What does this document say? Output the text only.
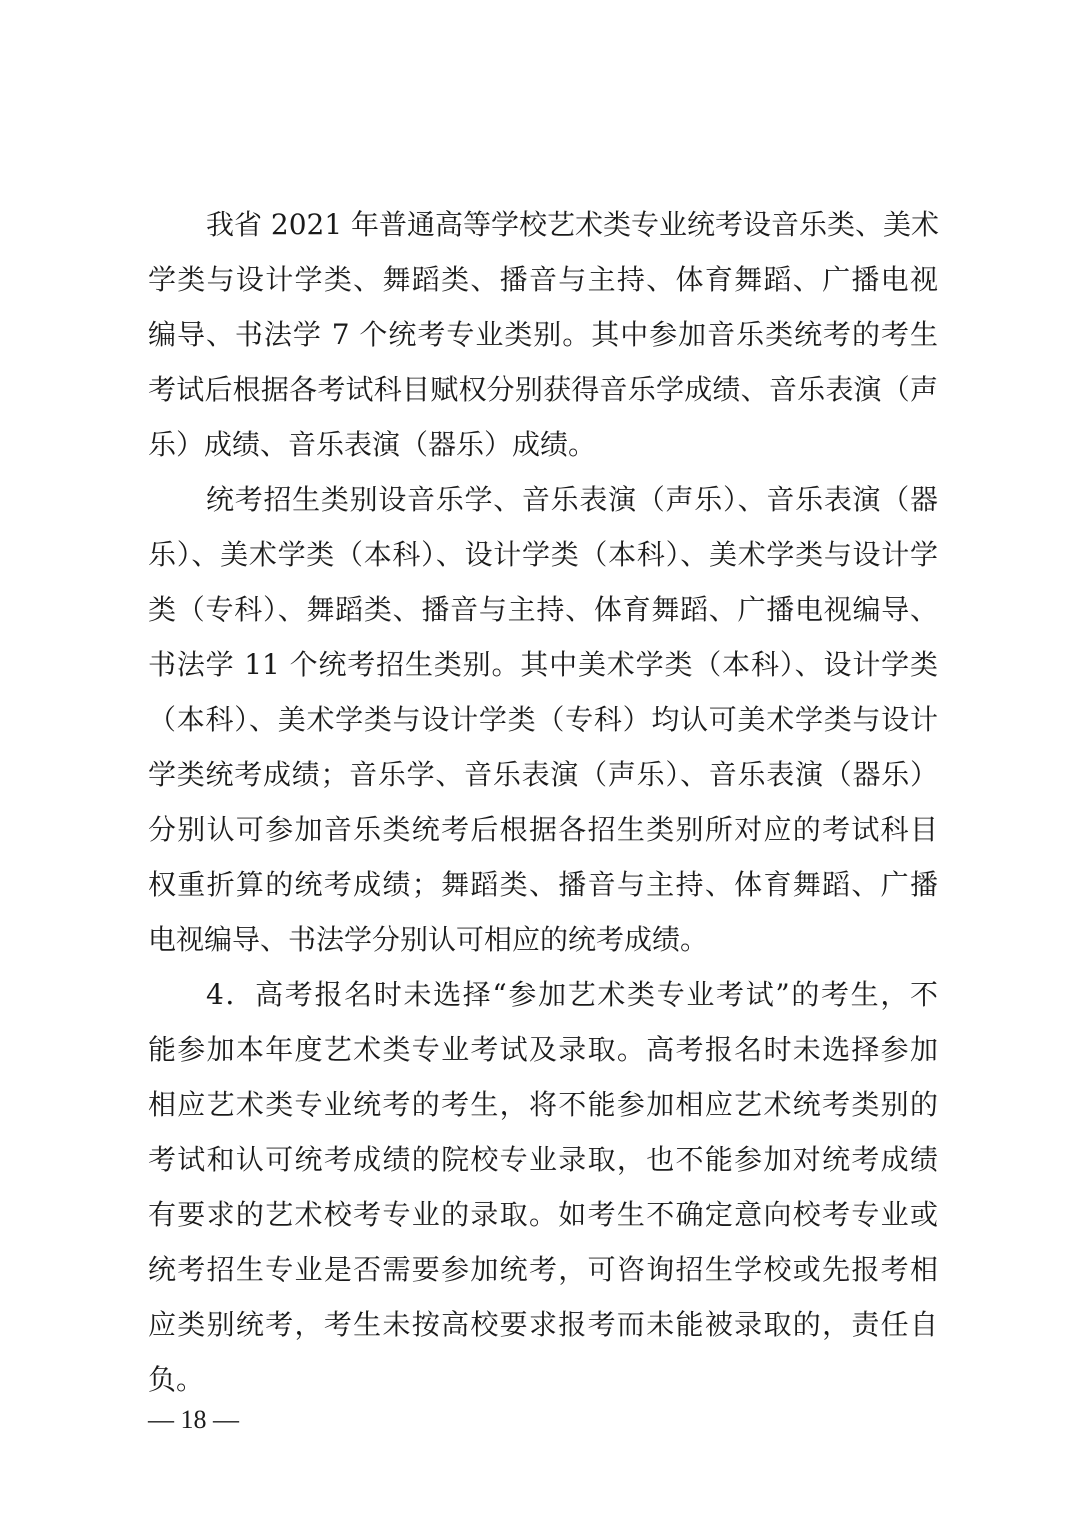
我省 2021 年普通高等学校艺术类专业统考设音乐类、美术
学类与设计学类、舞蹈类、播音与主持、体育舞蹈、广播电视
编导、书法学 7 个统考专业类别。其中参加音乐类统考的考生
考试后根据各考试科目赋权分别获得音乐学成绩、音乐表演（声
乐）成绩、音乐表演（器乐）成绩。
统考招生类别设音乐学、音乐表演（声乐）、音乐表演（器
乐）、美术学类（本科）、设计学类（本科）、美术学类与设计学
类（专科）、舞蹈类、播音与主持、体育舞蹈、广播电视编导、
书法学 11 个统考招生类别。其中美术学类（本科）、设计学类
（本科）、美术学类与设计学类（专科）均认可美术学类与设计
学类统考成绩；音乐学、音乐表演（声乐）、音乐表演（器乐）
分别认可参加音乐类统考后根据各招生类别所对应的考试科目
权重折算的统考成绩；舞蹈类、播音与主持、体育舞蹈、广播
电视编导、书法学分别认可相应的统考成绩。
4．高考报名时未选择“参加艺术类专业考试”的考生，不
能参加本年度艺术类专业考试及录取。高考报名时未选择参加
相应艺术类专业统考的考生，将不能参加相应艺术统考类别的
考试和认可统考成绩的院校专业录取，也不能参加对统考成绩
有要求的艺术校考专业的录取。如考生不确定意向校考专业或
统考招生专业是否需要参加统考，可咨询招生学校或先报考相
应类别统考，考生未按高校要求报考而未能被录取的，责任自
负。
— 18 —
